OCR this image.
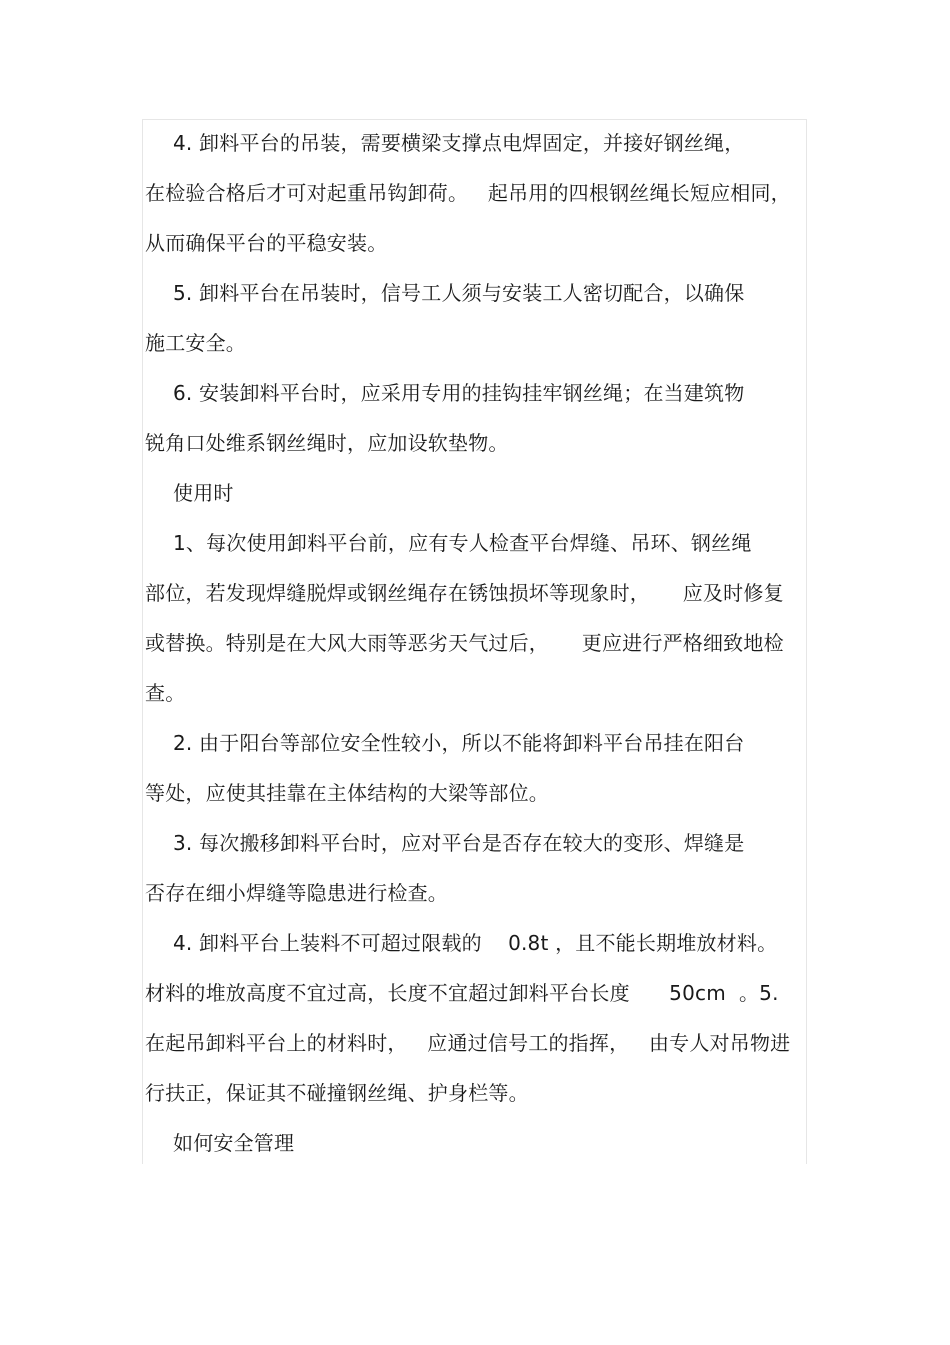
4. 卸料平台的吊装，需要横梁支撑点电焊固定，并接好钢丝绳，
在检验合格后才可对起重吊钩卸荷。   起吊用的四根钢丝绳长短应相同，
从而确保平台的平稳安装。
5. 卸料平台在吊装时，信号工人须与安装工人密切配合，以确保
施工安全。
6. 安装卸料平台时，应采用专用的挂钩挂牢钢丝绳；在当建筑物
锐角口处维系钢丝绳时，应加设软垫物。
使用时
1、每次使用卸料平台前，应有专人检查平台焊缝、吊环、钢丝绳
部位，若发现焊缝脱焊或钢丝绳存在锈蚀损坏等现象时，     应及时修复
或替换。特别是在大风大雨等恶劣天气过后，     更应进行严格细致地检
查。
2. 由于阳台等部位安全性较小，所以不能将卸料平台吊挂在阳台
等处，应使其挂靠在主体结构的大梁等部位。
3. 每次搬移卸料平台时，应对平台是否存在较大的变形、焊缝是
否存在细小焊缝等隐患进行检查。
4. 卸料平台上装料不可超过限载的    0.8t ，且不能长期堆放材料。
材料的堆放高度不宜过高，长度不宜超过卸料平台长度      50cm  。5.
在起吊卸料平台上的材料时，   应通过信号工的指挥，   由专人对吊物进
行扶正，保证其不碰撞钢丝绳、护身栏等。
如何安全管理
